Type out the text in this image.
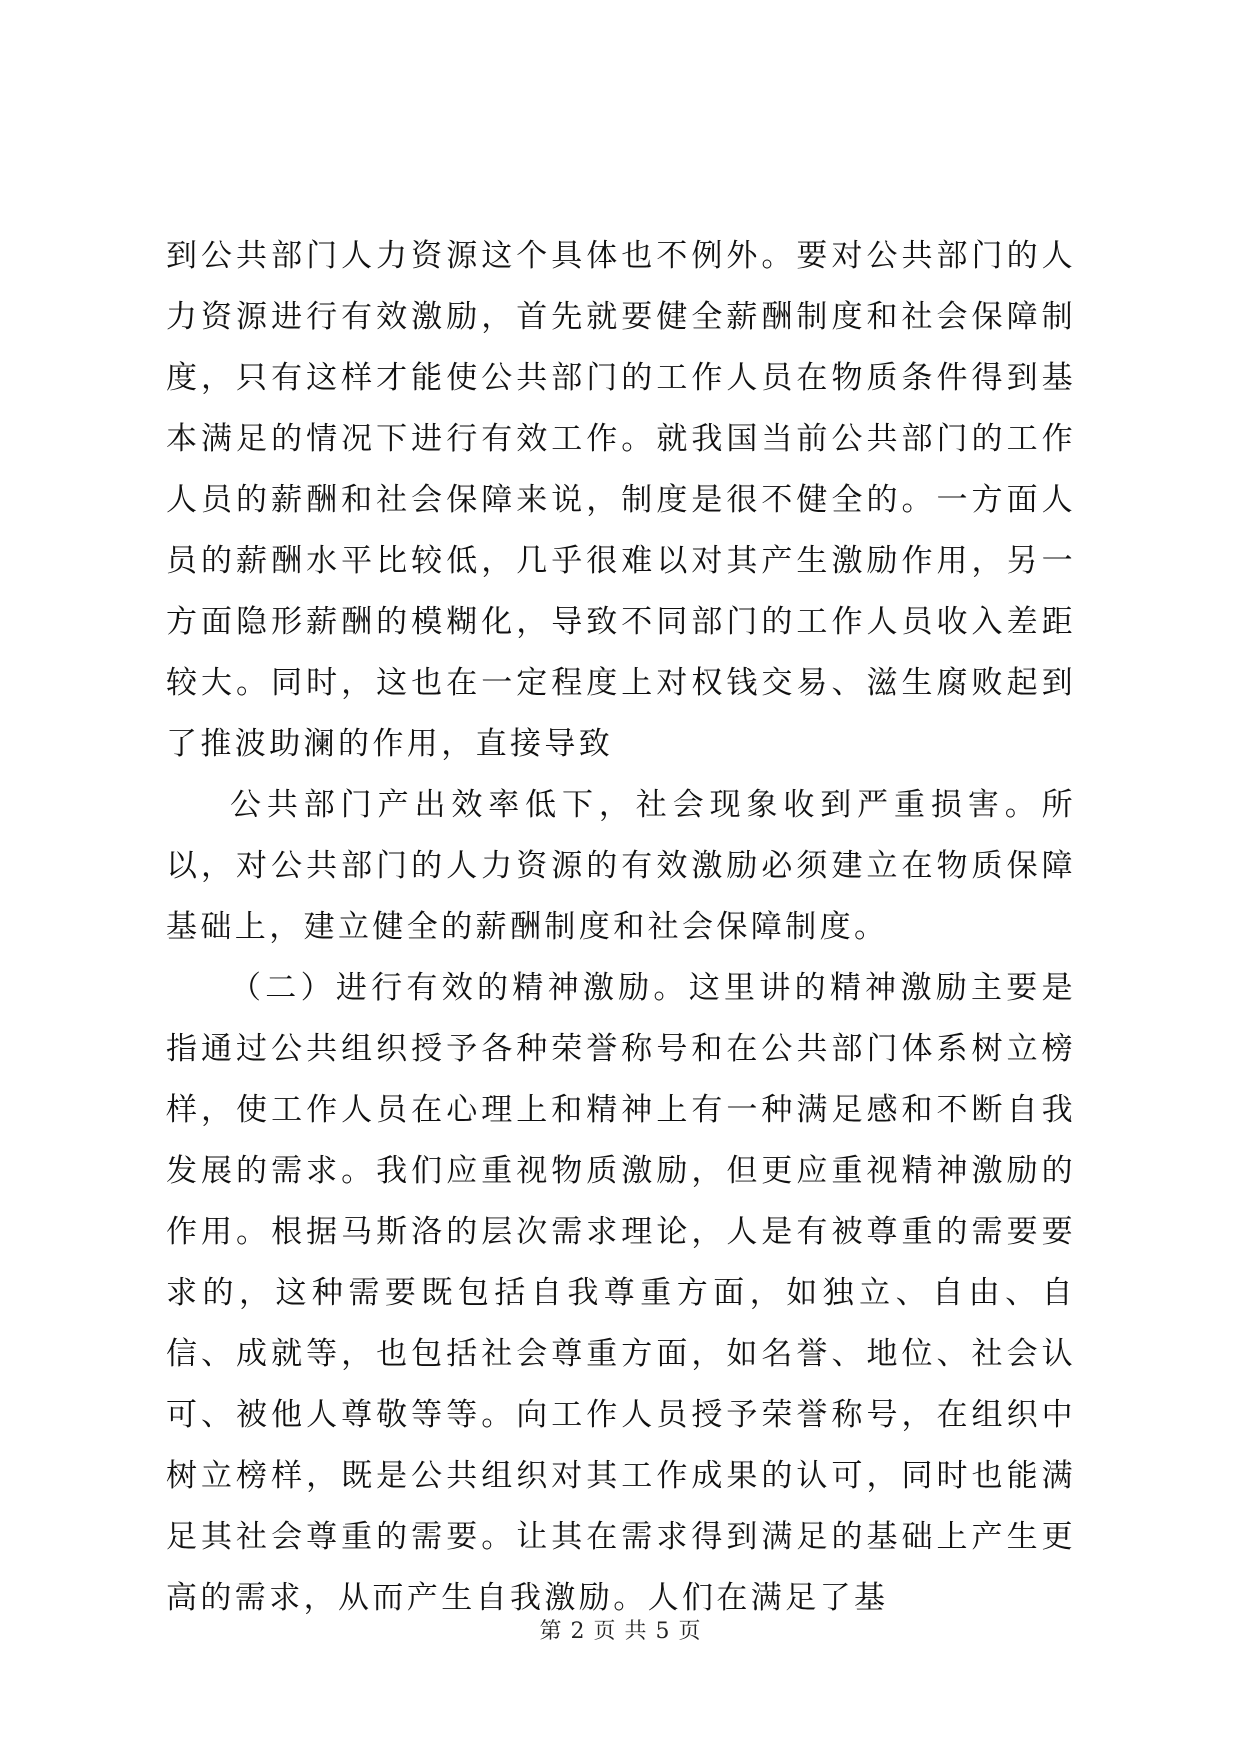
到公共部门人力资源这个具体也不例外。要对公共部门的人力资源进行有效激励，首先就要健全薪酬制度和社会保障制度，只有这样才能使公共部门的工作人员在物质条件得到基本满足的情况下进行有效工作。就我国当前公共部门的工作人员的薪酬和社会保障来说，制度是很不健全的。一方面人员的薪酬水平比较低，几乎很难以对其产生激励作用，另一方面隐形薪酬的模糊化，导致不同部门的工作人员收入差距较大。同时，这也在一定程度上对权钱交易、滋生腐败起到了推波助澜的作用，直接导致

公共部门产出效率低下，社会现象收到严重损害。所以，对公共部门的人力资源的有效激励必须建立在物质保障基础上，建立健全的薪酬制度和社会保障制度。

（二）进行有效的精神激励。这里讲的精神激励主要是指通过公共组织授予各种荣誉称号和在公共部门体系树立榜样，使工作人员在心理上和精神上有一种满足感和不断自我发展的需求。我们应重视物质激励，但更应重视精神激励的作用。根据马斯洛的层次需求理论，人是有被尊重的需要要求的，这种需要既包括自我尊重方面，如独立、自由、自信、成就等，也包括社会尊重方面，如名誉、地位、社会认可、被他人尊敬等等。向工作人员授予荣誉称号，在组织中树立榜样，既是公共组织对其工作成果的认可，同时也能满足其社会尊重的需要。让其在需求得到满足的基础上产生更高的需求，从而产生自我激励。人们在满足了基

第 2 页 共 5 页
